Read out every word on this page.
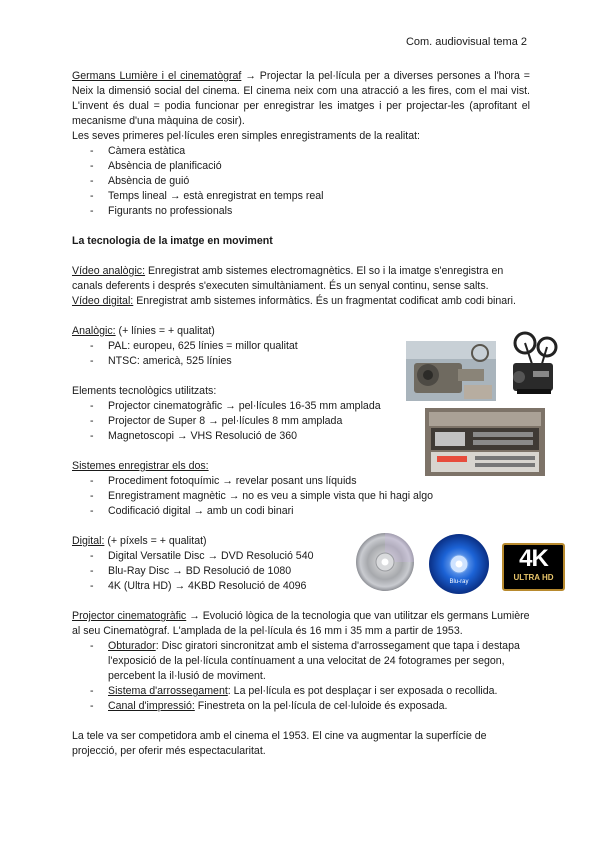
Com. audiovisual tema 2

Germans Lumière i el cinematògraf → Projectar la pel·lícula per a diverses persones a l'hora = Neix la dimensió social del cinema. El cinema neix com una atracció a les fires, com el mai vist. L'invent és dual = podia funcionar per enregistrar les imatges i per projectar-les (aprofitant el mecanisme d'una màquina de cosir).

Les seves primeres pel·lícules eren simples enregistraments de la realitat:

- Càmera estàtica
- Absència de planificació
- Absència de guió
- Temps lineal → està enregistrat en temps real
- Figurants no professionals

La tecnologia de la imatge en moviment

Vídeo analògic: Enregistrat amb sistemes electromagnètics. El so i la imatge s'enregistra en canals deferents i després s'executen simultàniament. És un senyal continu, sense salts.

Vídeo digital: Enregistrat amb sistemes informàtics. És un fragmentat codificat amb codi binari.

Analògic: (+ línies = + qualitat)

- PAL: europeu, 625 línies = millor qualitat
- NTSC: americà, 525 línies

Elements tecnològics utilitzats:

- Projector cinematogràfic → pel·lícules 16-35 mm amplada
- Projector de Super 8 → pel·lícules 8 mm amplada
- Magnetoscopi → VHS Resolució de 360

Sistemes enregistrar els dos:

- Procediment fotoquímic → revelar posant uns líquids
- Enregistrament magnètic → no es veu a simple vista que hi hagi algo
- Codificació digital → amb un codi binari

Digital: (+ píxels = + qualitat)

- Digital Versatile Disc → DVD Resolució 540
- Blu-Ray Disc → BD Resolució de 1080
- 4K (Ultra HD) → 4KBD Resolució de 4096

Projector cinematogràfic → Evolució lògica de la tecnologia que van utilitzar els germans Lumière al seu Cinematògraf. L'amplada de la pel·lícula és 16 mm i 35 mm a partir de 1953.

- Obturador: Disc giratori sincronitzat amb el sistema d'arrossegament que tapa i destapa l'exposició de la pel·lícula contínuament a una velocitat de 24 fotogrames per segon, percebent la il·lusió de moviment.
- Sistema d'arrossegament: La pel·lícula es pot desplaçar i ser exposada o recollida.
- Canal d'impressió: Finestreta on la pel·lícula de cel·luloide és exposada.

La tele va ser competidora amb el cinema el 1953. El cine va augmentar la superfície de projecció, per oferir més espectacularitat.

Blu-ray
4K
ULTRA HD
